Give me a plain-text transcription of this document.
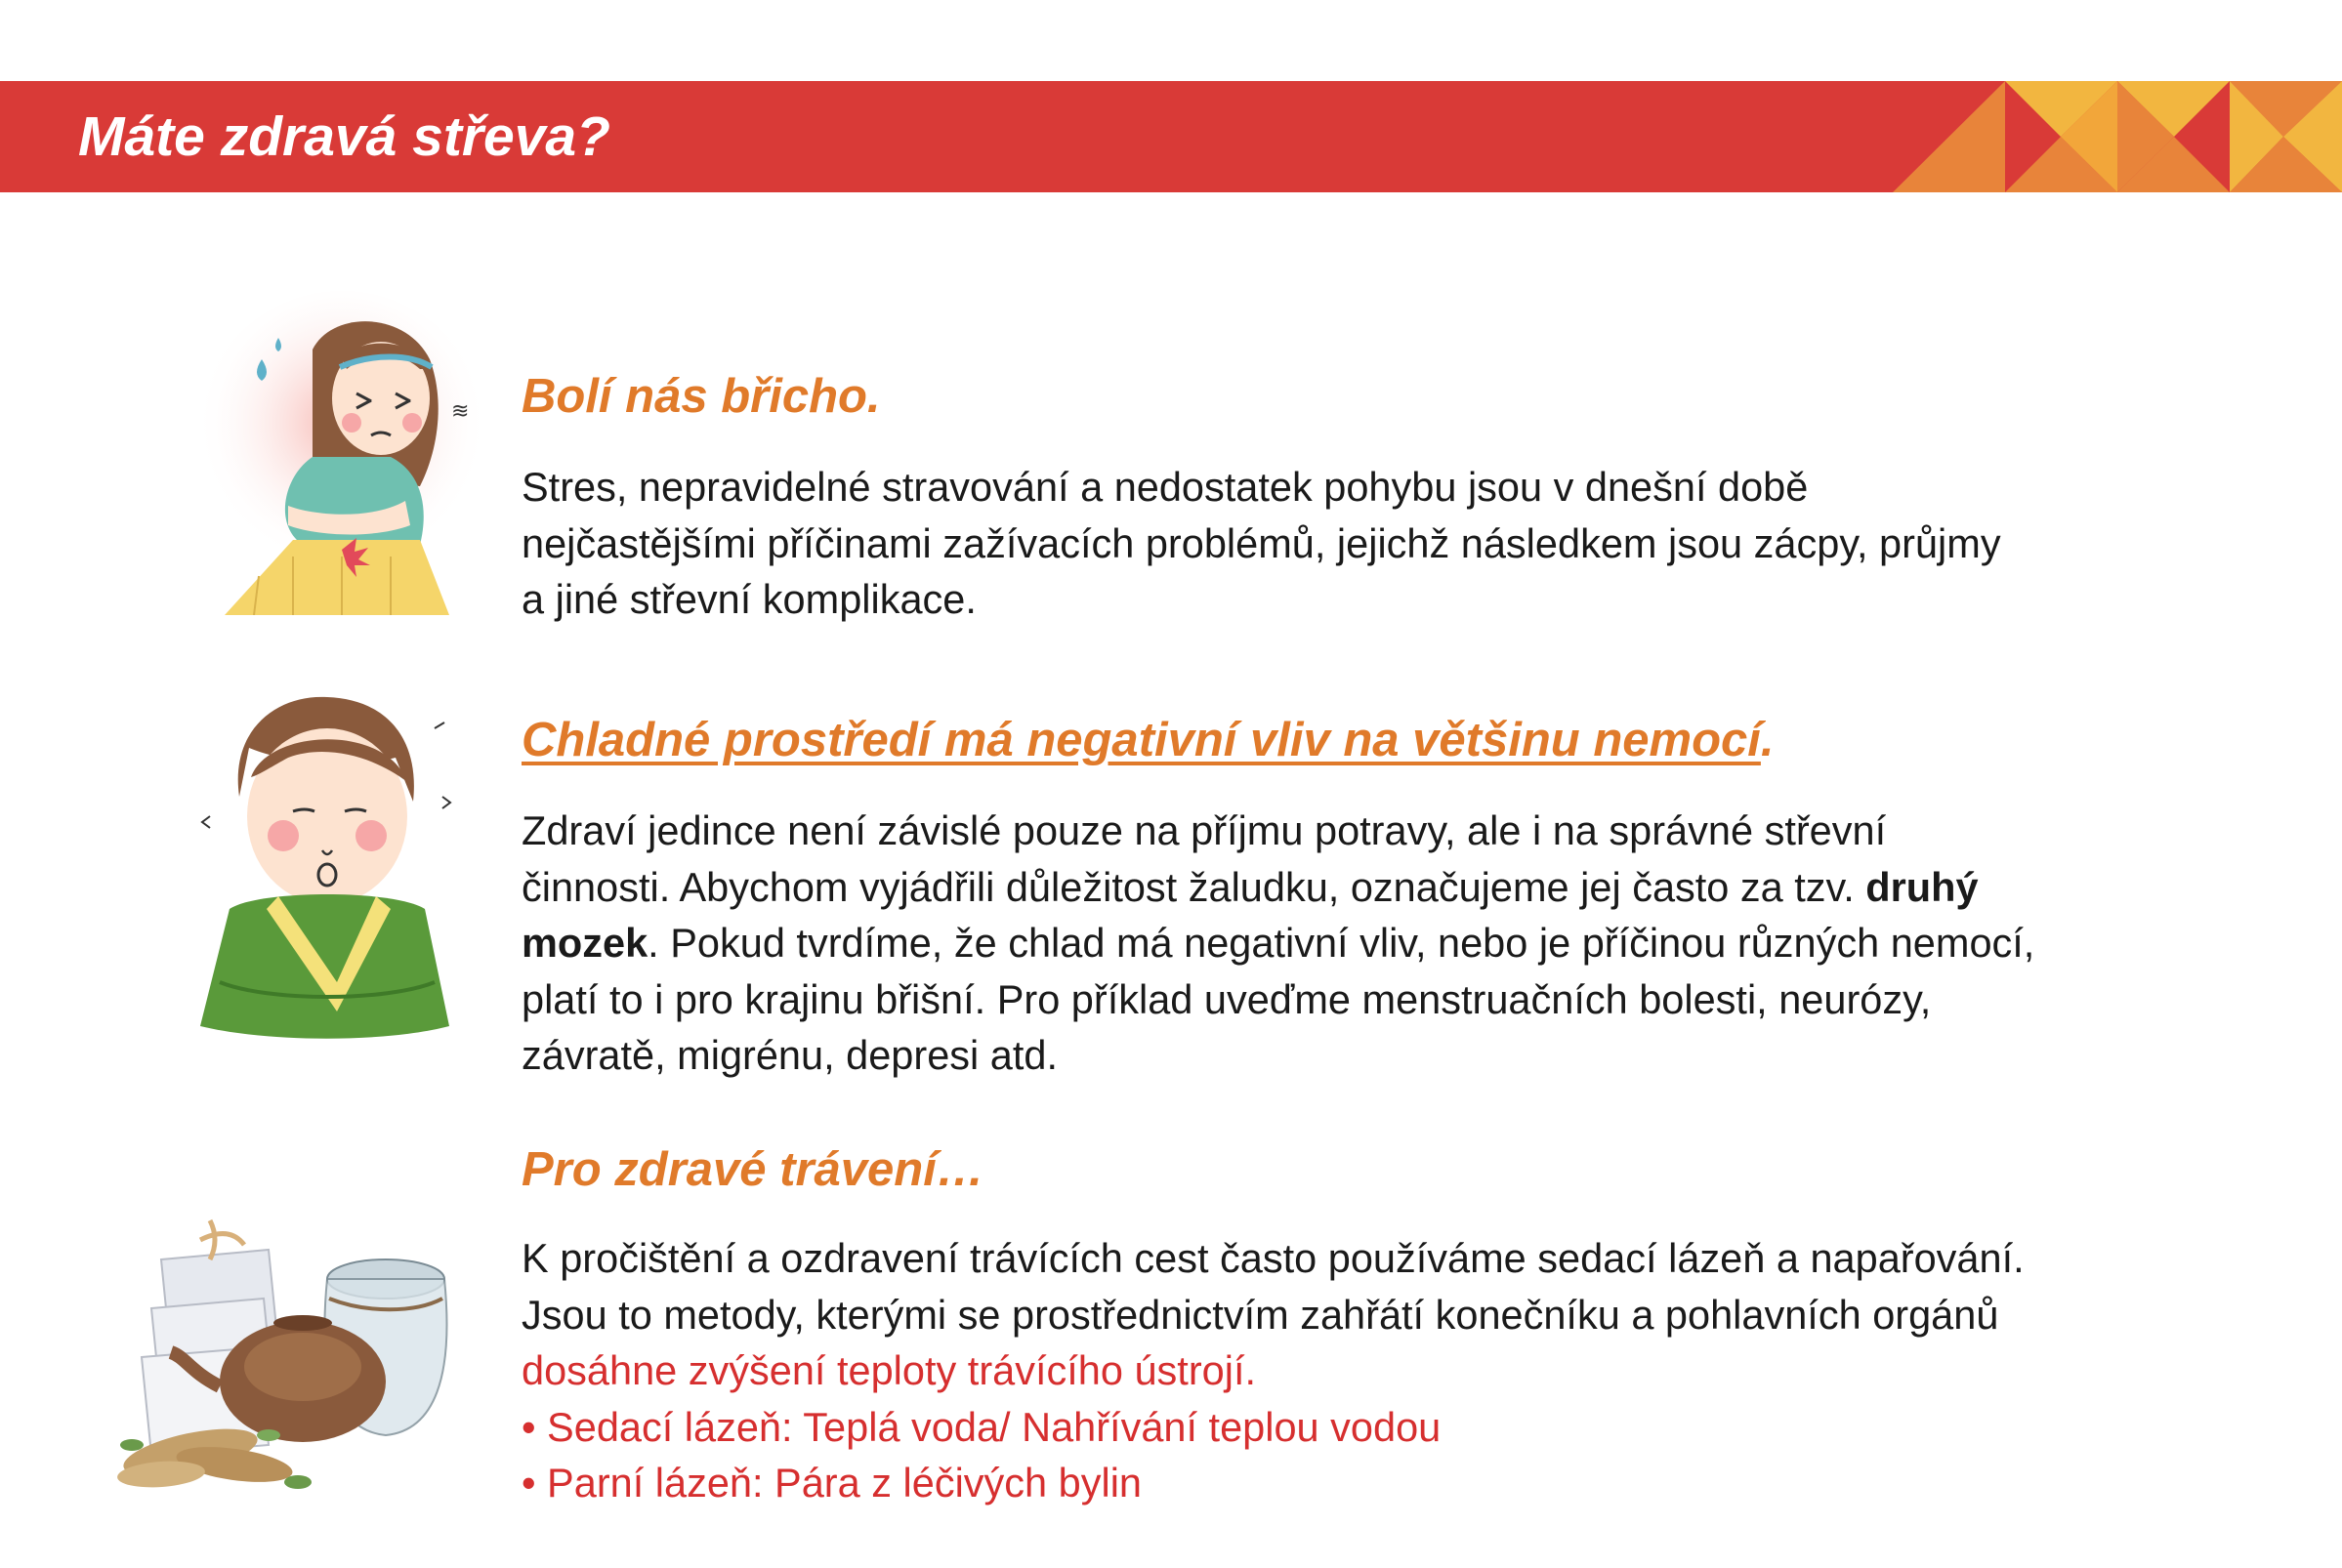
Máte zdravá střeva?
≋ Bolí nás břicho.

Stres, nepravidelné stravování a nedostatek pohybu jsou v dnešní době
nejčastějšími příčinami zažívacích problémů, jejichž následkem jsou zácpy, průjmy
a jiné střevní komplikace.

Chladné prostředí má negativní vliv na většinu nemocí.

Zdraví jedince není závislé pouze na příjmu potravy, ale i na správné střevní
činnosti. Abychom vyjádřili důležitost žaludku, označujeme jej často za tzv. druhý
mozek. Pokud tvrdíme, že chlad má negativní vliv, nebo je příčinou různých nemocí,
platí to i pro krajinu břišní. Pro příklad uveďme menstruačních bolesti, neurózy,
závratě, migrénu, depresi atd.

Pro zdravé trávení…

K pročištění a ozdravení trávících cest často používáme sedací lázeň a napařování.
Jsou to metody, kterými se prostřednictvím zahřátí konečníku a pohlavních orgánů
dosáhne zvýšení teploty trávícího ústrojí.
• Sedací lázeň: Teplá voda/ Nahřívání teplou vodou
• Parní lázeň: Pára z léčivých bylin
